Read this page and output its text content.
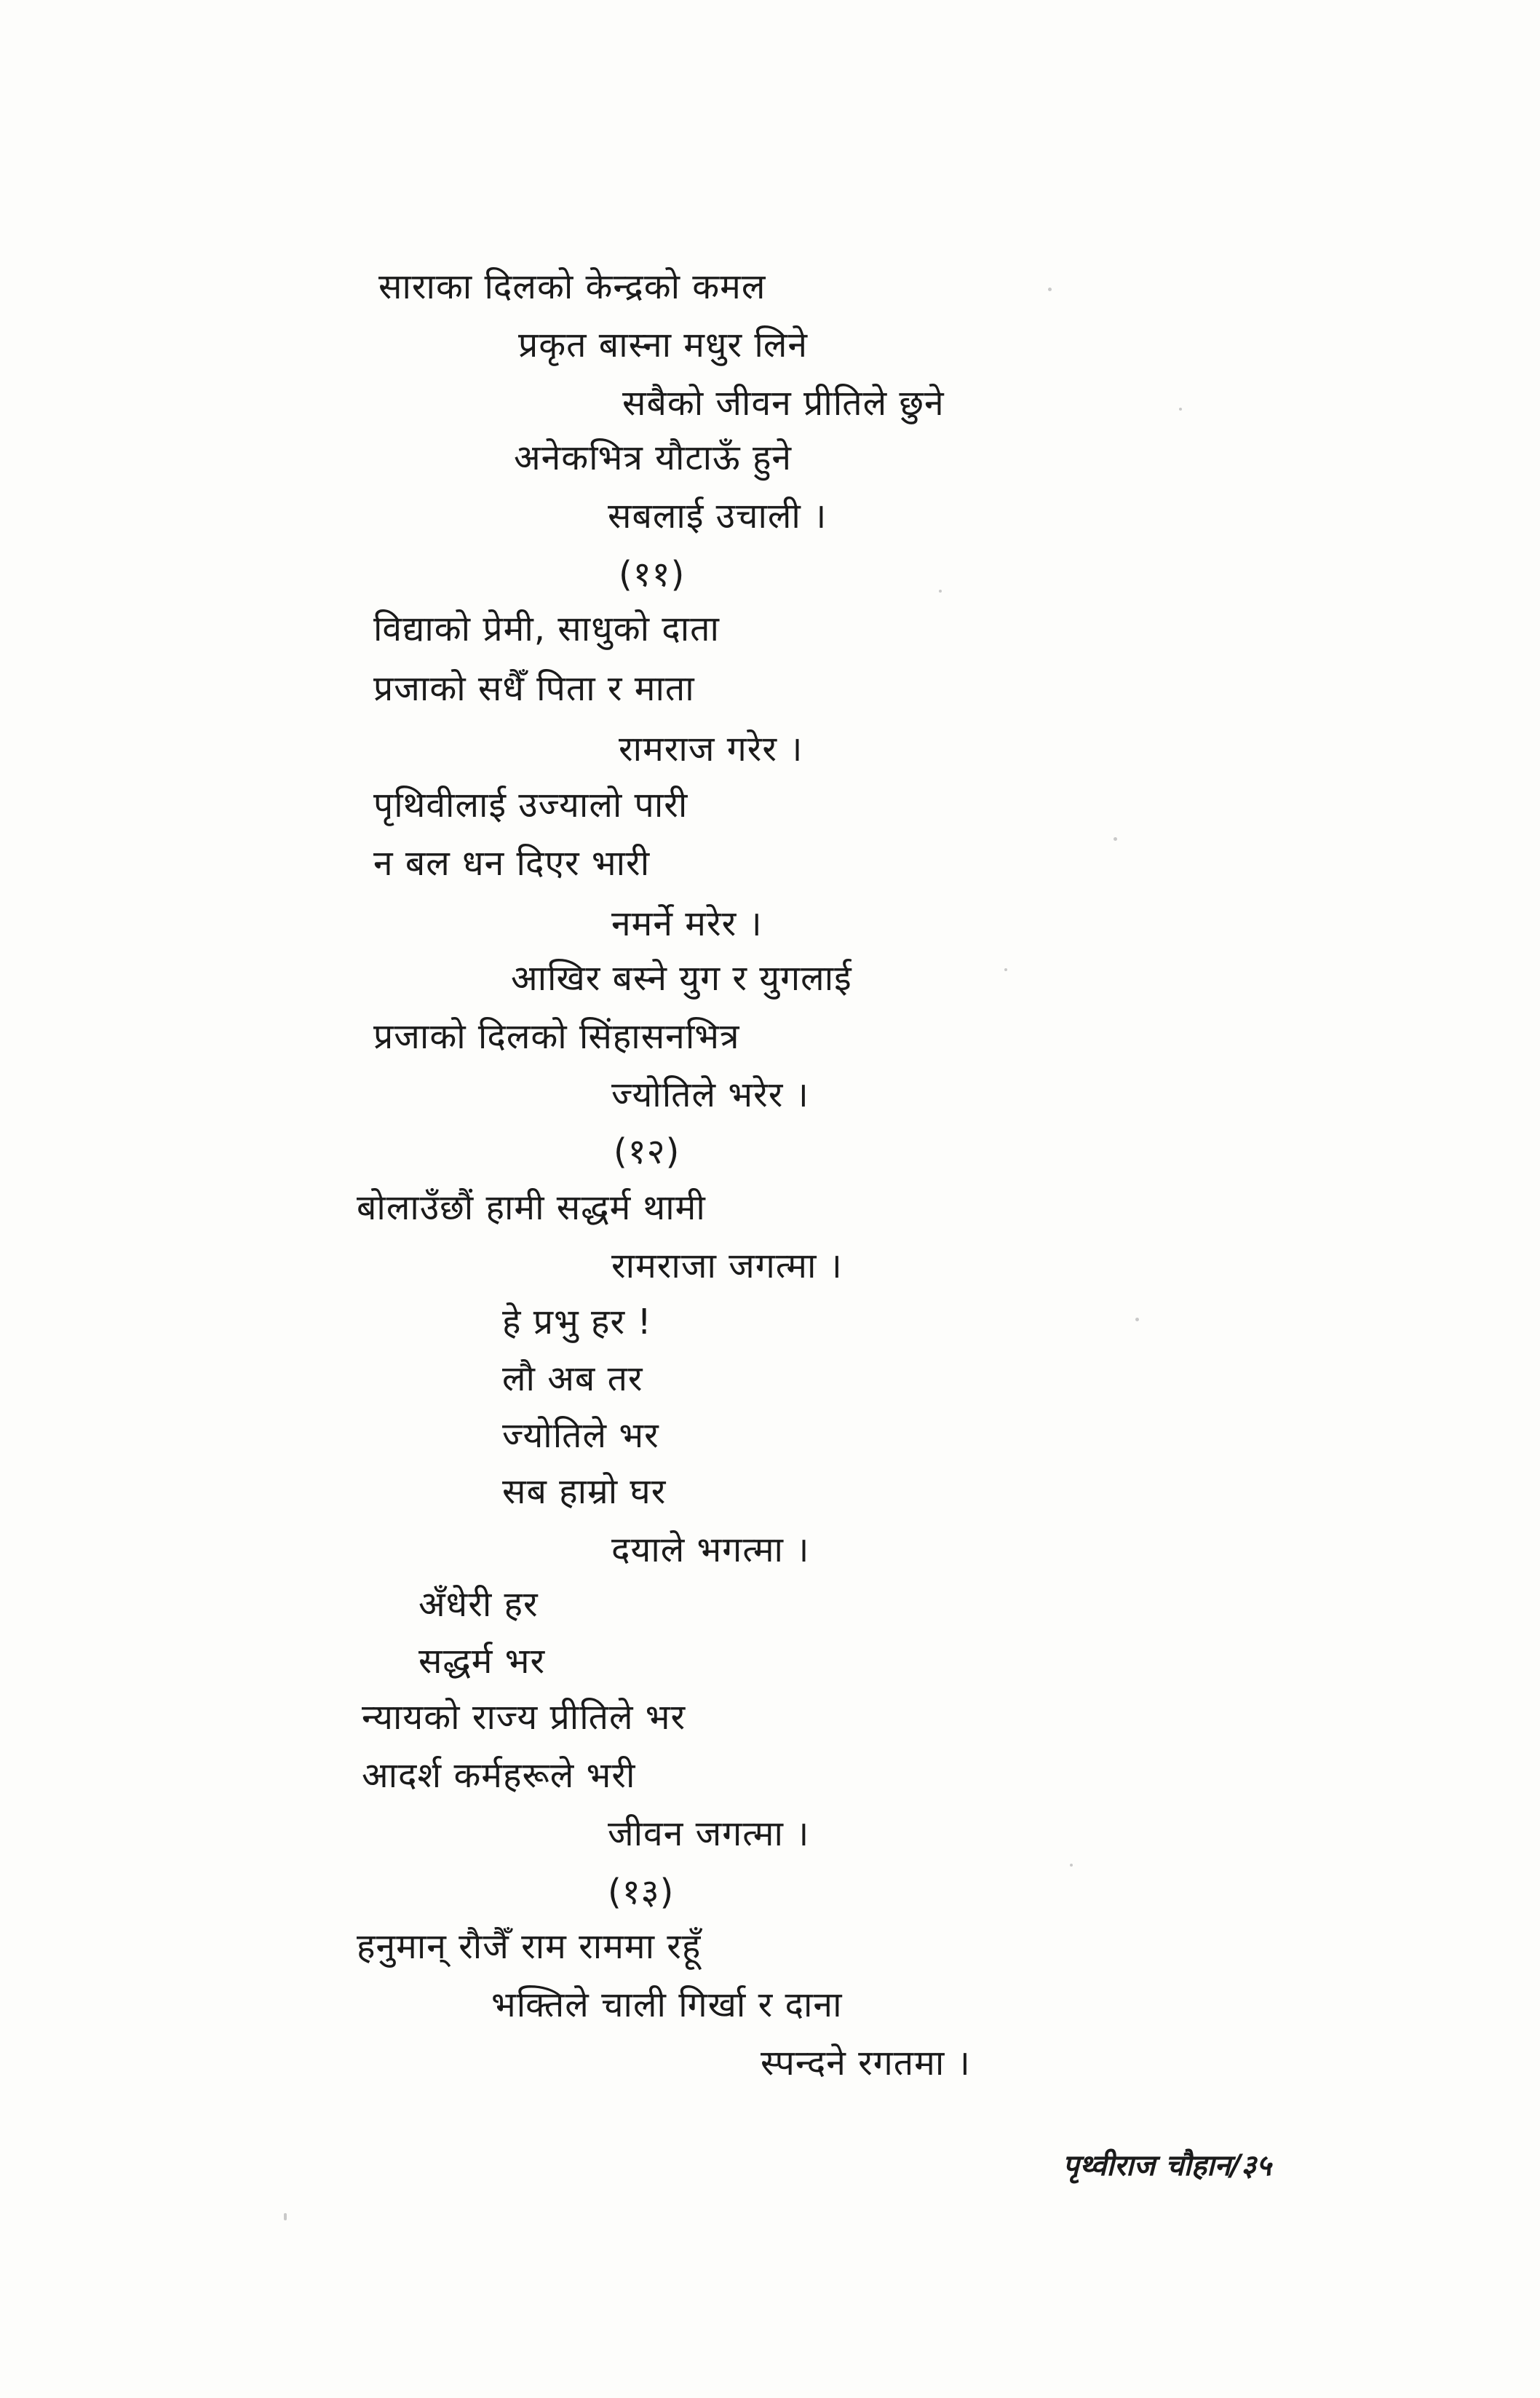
साराका दिलको केन्द्रको कमल
प्रकृत बास्ना मधुर लिने
सबैको जीवन प्रीतिले छुने
अनेकभित्र यौटाऊँ हुने
सबलाई उचाली ।
(११)
विद्याको प्रेमी, साधुको दाता
प्रजाको सधैँ पिता र माता
रामराज गरेर ।
पृथिवीलाई उज्यालो पारी
न बल धन दिएर भारी
नमर्ने मरेर ।
आखिर बस्ने युग र युगलाई
प्रजाको दिलको सिंहासनभित्र
ज्योतिले भरेर ।
(१२)
बोलाउँछौं हामी सद्धर्म थामी
रामराजा जगत्मा ।
हे प्रभु हर !
लौ अब तर
ज्योतिले भर
सब हाम्रो घर
दयाले भगत्मा ।
अँधेरी हर
सद्धर्म भर
न्यायको राज्य प्रीतिले भर
आदर्श कर्महरूले भरी
जीवन जगत्मा ।
(१३)
हनुमान् रौजैँ राम राममा रहूँ
भक्तिले चाली गिर्खा र दाना
स्पन्दने रगतमा ।
पृथ्वीराज चौहान/३५
